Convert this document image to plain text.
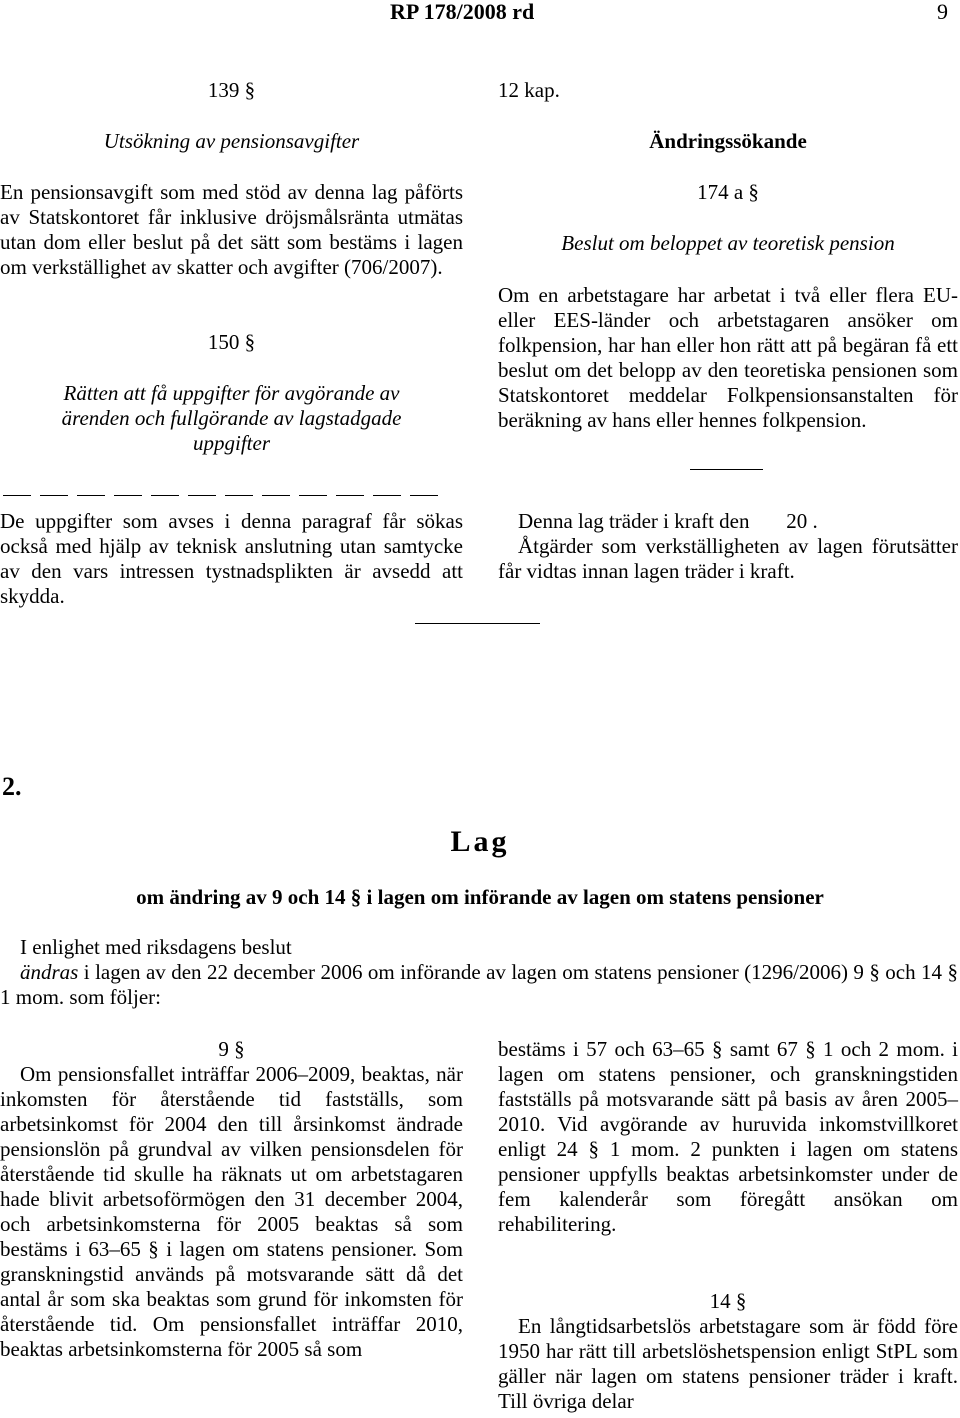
RP 178/2008 rd	9
139 §
Utsökning av pensionsavgifter

En pensionsavgift som med stöd av denna lag påförts av Statskontoret får inklusive dröjsmålsränta utmätas utan dom eller beslut på det sätt som bestäms i lagen om verkställighet av skatter och avgifter (706/2007).

150 §
Rätten att få uppgifter för avgörande av ärenden och fullgörande av lagstadgade uppgifter

De uppgifter som avses i denna paragraf får sökas också med hjälp av teknisk anslutning utan samtycke av den vars intressen tystnadsplikten är avsedd att skydda.

12 kap.
Ändringssökande
174 a §
Beslut om beloppet av teoretisk pension

Om en arbetstagare har arbetat i två eller flera EU- eller EES-länder och arbetstagaren ansöker om folkpension, har han eller hon rätt att på begäran få ett beslut om det belopp av den teoretiska pensionen som Statskontoret meddelar Folkpensionsanstalten för beräkning av hans eller hennes folkpension.

Denna lag träder i kraft den       20 .

Åtgärder som verkställigheten av lagen förutsätter får vidtas innan lagen träder i kraft.

2.
Lag
om ändring av 9 och 14 § i lagen om införande av lagen om statens pensioner
I enlighet med riksdagens beslut

ändras i lagen av den 22 december 2006 om införande av lagen om statens pensioner (1296/2006) 9 § och 14 § 1 mom. som följer:

9 §

Om pensionsfallet inträffar 2006–2009, beaktas, när inkomsten för återstående tid fastställs, som arbetsinkomst för 2004 den till årsinkomst ändrade pensionslön på grundval av vilken pensionsdelen för återstående tid skulle ha räknats ut om arbetstagaren hade blivit arbetsoförmögen den 31 december 2004, och arbetsinkomsterna för 2005 beaktas så som bestäms i 63–65 § i lagen om statens pensioner. Som granskningstid används på motsvarande sätt då det antal år som ska beaktas som grund för inkomsten för återstående tid. Om pensionsfallet inträffar 2010, beaktas arbetsinkomsterna för 2005 så som

bestäms i 57 och 63–65 § samt 67 § 1 och 2 mom. i lagen om statens pensioner, och granskningstiden fastställs på motsvarande sätt på basis av åren 2005–2010. Vid avgörande av huruvida inkomstvillkoret enligt 24 § 1 mom. 2 punkten i lagen om statens pensioner uppfylls beaktas arbetsinkomster under de fem kalenderår som föregått ansökan om rehabilitering.

14 §

En långtidsarbetslös arbetstagare som är född före 1950 har rätt till arbetslöshetspension enligt StPL som gäller när lagen om statens pensioner träder i kraft. Till övriga delar
